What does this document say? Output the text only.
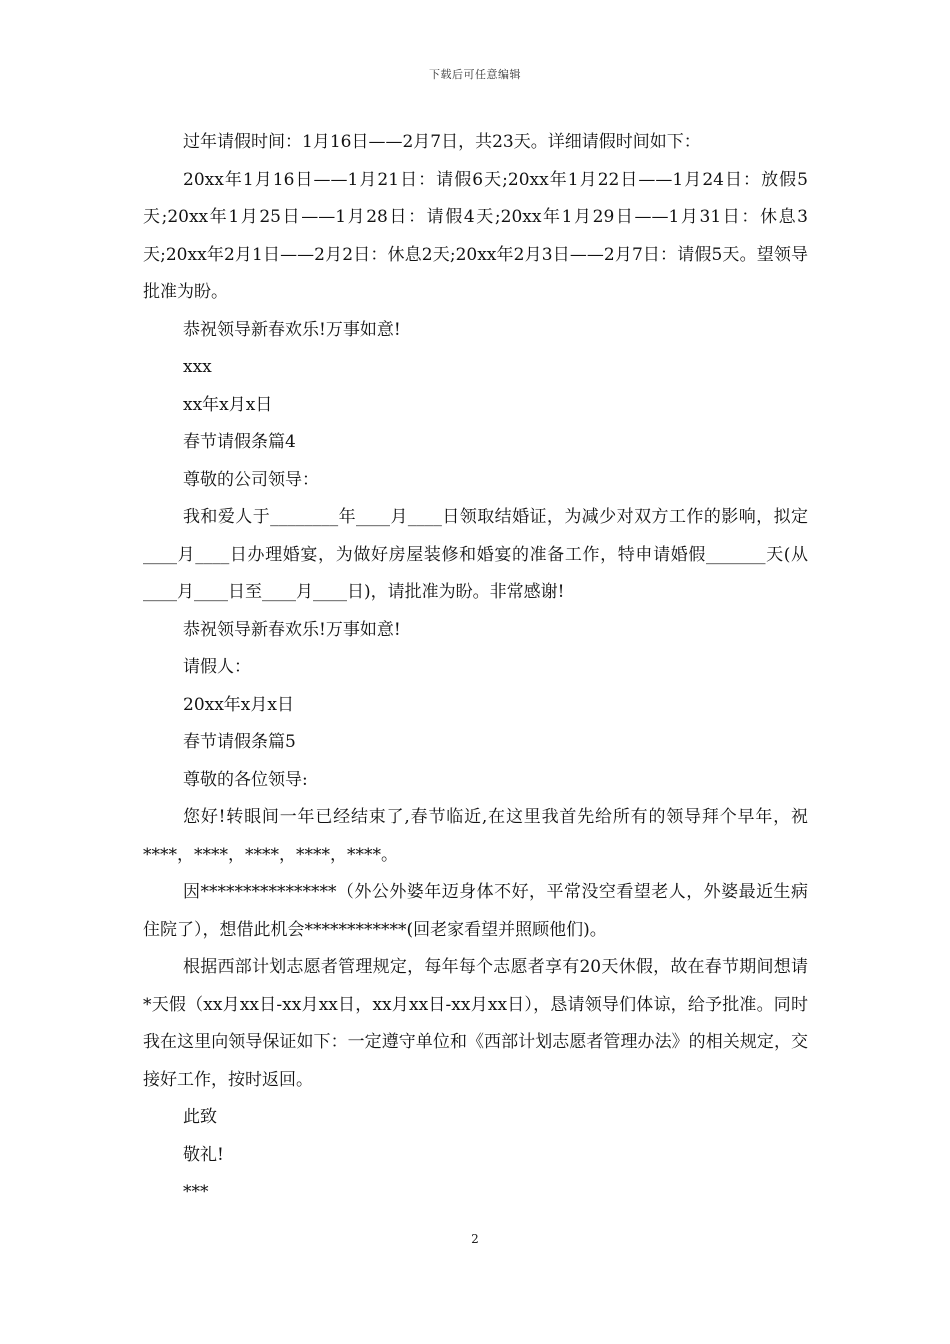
下载后可任意编辑

过年请假时间：1月16日——2月7日，共23天。详细请假时间如下：

20xx年1月16日——1月21日：请假6天;20xx年1月22日——1月24日：放假5天;20xx年1月25日——1月28日：请假4天;20xx年1月29日——1月31日：休息3天;20xx年2月1日——2月2日：休息2天;20xx年2月3日——2月7日：请假5天。望领导批准为盼。

恭祝领导新春欢乐!万事如意!

xxx

xx年x月x日

春节请假条篇4

尊敬的公司领导：

我和爱人于________年____月____日领取结婚证，为减少对双方工作的影响，拟定____月____日办理婚宴，为做好房屋装修和婚宴的准备工作，特申请婚假_______天(从____月____日至____月____日)，请批准为盼。非常感谢!

恭祝领导新春欢乐!万事如意!

请假人：

20xx年x月x日

春节请假条篇5

尊敬的各位领导:

您好!转眼间一年已经结束了,春节临近,在这里我首先给所有的领导拜个早年，祝****，****，****，****，****。

因****************（外公外婆年迈身体不好，平常没空看望老人，外婆最近生病住院了），想借此机会************(回老家看望并照顾他们)。

根据西部计划志愿者管理规定，每年每个志愿者享有20天休假，故在春节期间想请*天假（xx月xx日-xx月xx日，xx月xx日-xx月xx日），恳请领导们体谅，给予批准。同时我在这里向领导保证如下：一定遵守单位和《西部计划志愿者管理办法》的相关规定，交接好工作，按时返回。

此致

敬礼!

***

2
